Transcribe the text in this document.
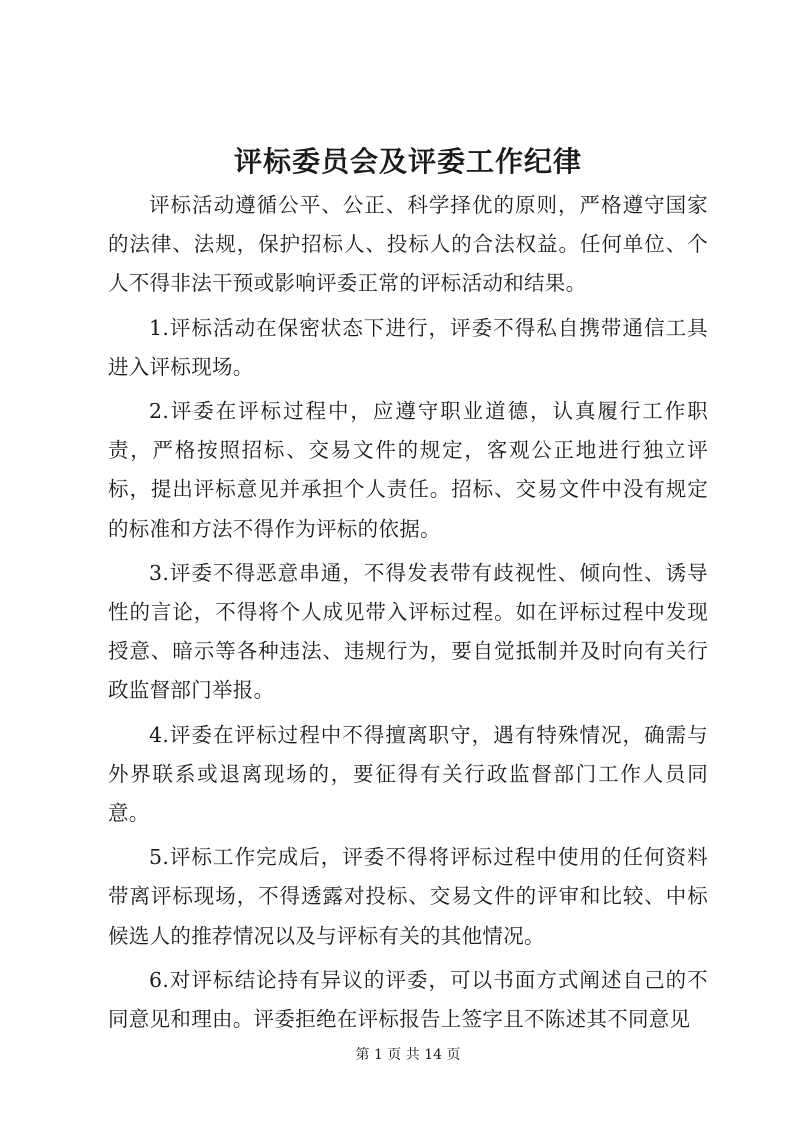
评标委员会及评委工作纪律

评标活动遵循公平、公正、科学择优的原则，严格遵守国家的法律、法规，保护招标人、投标人的合法权益。任何单位、个人不得非法干预或影响评委正常的评标活动和结果。

1.评标活动在保密状态下进行，评委不得私自携带通信工具进入评标现场。

2.评委在评标过程中，应遵守职业道德，认真履行工作职责，严格按照招标、交易文件的规定，客观公正地进行独立评标，提出评标意见并承担个人责任。招标、交易文件中没有规定的标准和方法不得作为评标的依据。

3.评委不得恶意串通，不得发表带有歧视性、倾向性、诱导性的言论，不得将个人成见带入评标过程。如在评标过程中发现授意、暗示等各种违法、违规行为，要自觉抵制并及时向有关行政监督部门举报。

4.评委在评标过程中不得擅离职守，遇有特殊情况，确需与外界联系或退离现场的，要征得有关行政监督部门工作人员同意。

5.评标工作完成后，评委不得将评标过程中使用的任何资料带离评标现场，不得透露对投标、交易文件的评审和比较、中标候选人的推荐情况以及与评标有关的其他情况。

6.对评标结论持有异议的评委，可以书面方式阐述自己的不同意见和理由。评委拒绝在评标报告上签字且不陈述其不同意见

第 1 页 共 14 页
